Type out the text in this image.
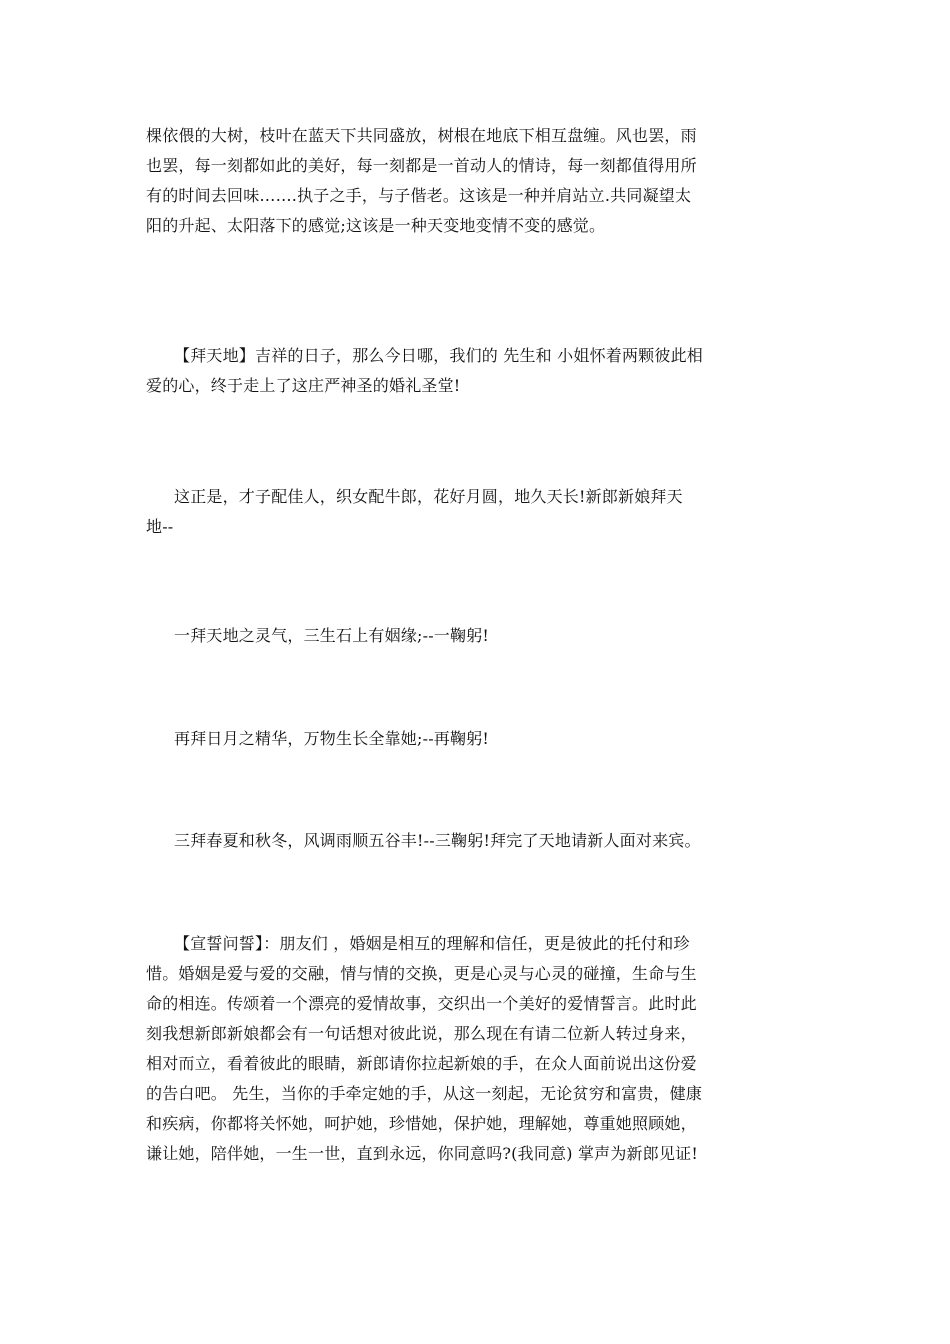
棵依偎的大树，枝叶在蓝天下共同盛放，树根在地底下相互盘缠。风也罢，雨
也罢，每一刻都如此的美好，每一刻都是一首动人的情诗，每一刻都值得用所
有的时间去回味…….执子之手，与子偕老。这该是一种并肩站立.共同凝望太
阳的升起、太阳落下的感觉;这该是一种天变地变情不变的感觉。
【拜天地】吉祥的日子，那么今日哪，我们的 先生和 小姐怀着两颗彼此相
爱的心，终于走上了这庄严神圣的婚礼圣堂!
这正是，才子配佳人，织女配牛郎，花好月圆，地久天长!新郎新娘拜天
地--
一拜天地之灵气，三生石上有姻缘;--一鞠躬!
再拜日月之精华，万物生长全靠她;--再鞠躬!
三拜春夏和秋冬，风调雨顺五谷丰!--三鞠躬!拜完了天地请新人面对来宾。
【宣誓问誓】：朋友们 ，婚姻是相互的理解和信任，更是彼此的托付和珍
惜。婚姻是爱与爱的交融，情与情的交换，更是心灵与心灵的碰撞，生命与生
命的相连。传颂着一个漂亮的爱情故事，交织出一个美好的爱情誓言。此时此
刻我想新郎新娘都会有一句话想对彼此说，那么现在有请二位新人转过身来，
相对而立，看着彼此的眼睛，新郎请你拉起新娘的手，在众人面前说出这份爱
的告白吧。 先生，当你的手牵定她的手，从这一刻起，无论贫穷和富贵，健康
和疾病，你都将关怀她，呵护她，珍惜她，保护她，理解她，尊重她照顾她，
谦让她，陪伴她，一生一世，直到永远，你同意吗?(我同意) 掌声为新郎见证!
